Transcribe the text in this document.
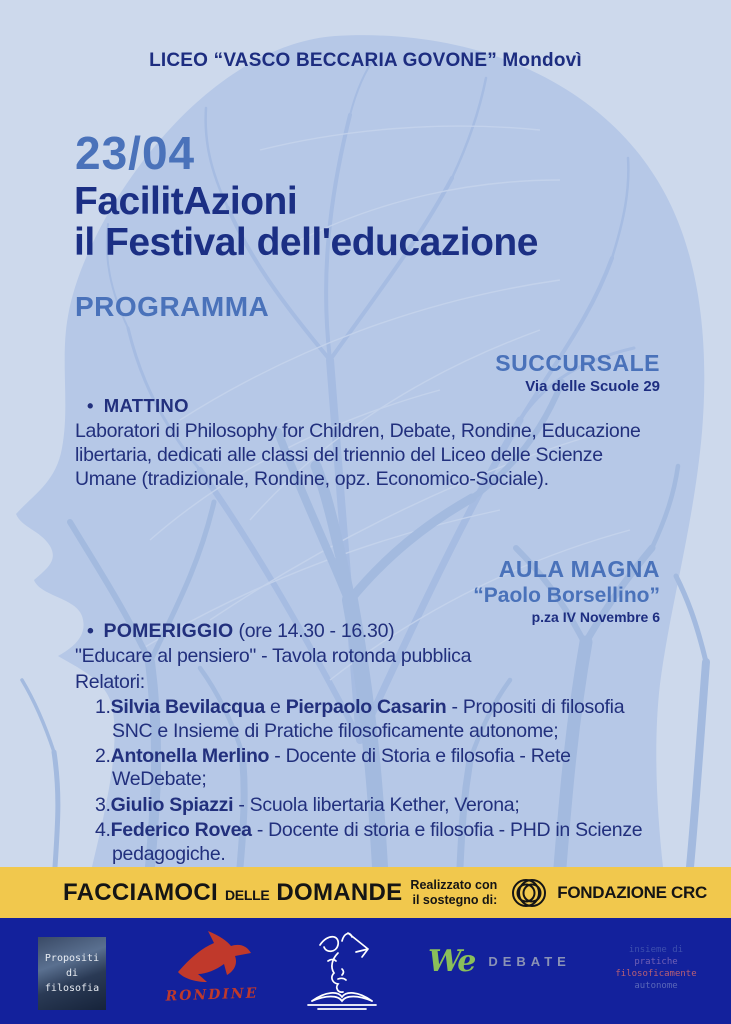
LICEO “VASCO BECCARIA GOVONE” Mondovì
23/04
FacilitAzioni
il Festival dell'educazione
PROGRAMMA
SUCCURSALE
Via delle Scuole 29
• MATTINO
Laboratori di Philosophy for Children, Debate, Rondine, Educazione libertaria, dedicati alle classi del triennio del Liceo delle Scienze Umane (tradizionale, Rondine, opz. Economico-Sociale).
AULA MAGNA
“Paolo Borsellino”
p.za IV Novembre 6
• POMERIGGIO (ore 14.30 - 16.30)
"Educare al pensiero" - Tavola rotonda pubblica
Relatori:
1.Silvia Bevilacqua e Pierpaolo Casarin - Propositi di filosofia SNC e Insieme di Pratiche filosoficamente autonome;
2.Antonella Merlino - Docente di Storia e filosofia - Rete WeDebate;
3.Giulio Spiazzi - Scuola libertaria Kether, Verona;
4.Federico Rovea - Docente di storia e filosofia - PHD in Scienze pedagogiche.
FACCIAMOCI DELLE DOMANDE Realizzato con
il sostegno di:	FONDAZIONE CRC
Propositi
di
filosofia	RONDINE
We DEBATE
insieme di
pratiche
filosoficamente
autonome
